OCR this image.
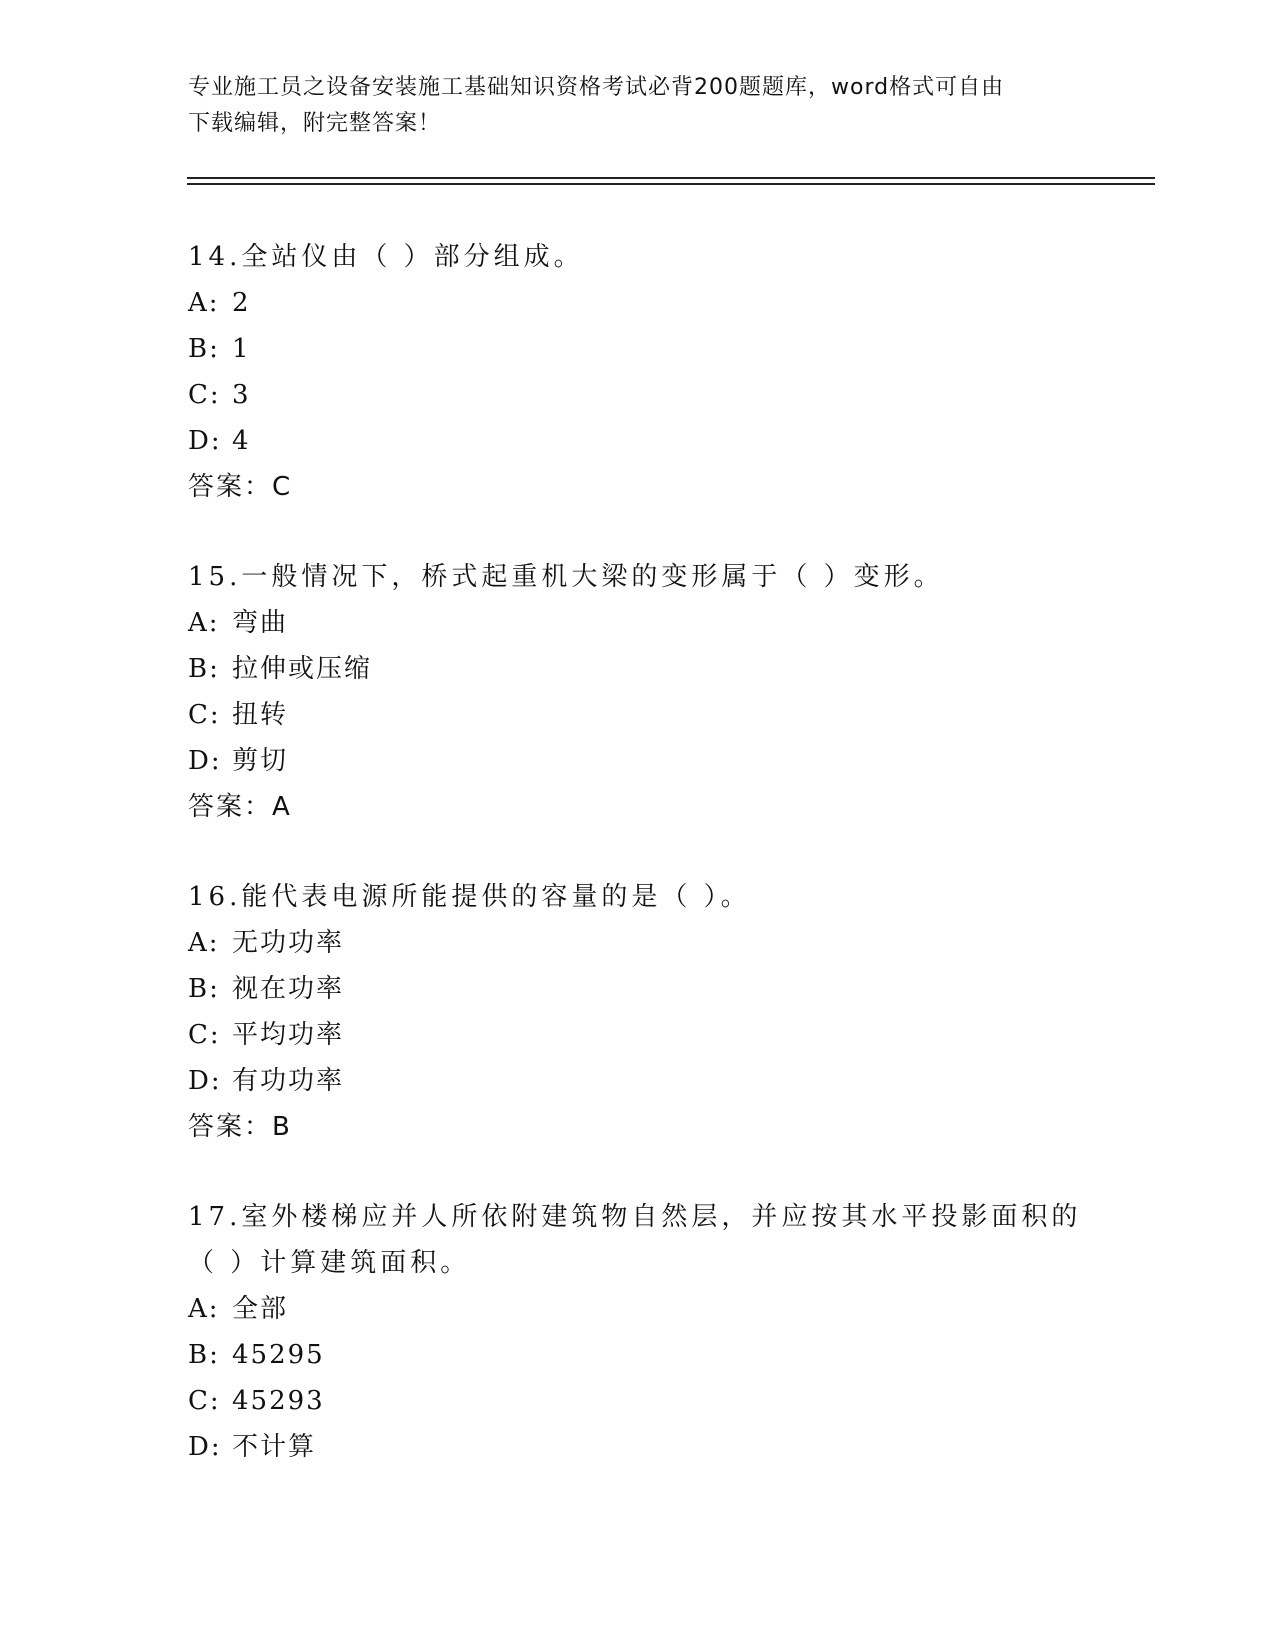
专业施工员之设备安装施工基础知识资格考试必背200题题库，word格式可自由
下载编辑，附完整答案！
14.全站仪由（ ）部分组成。
A: 2
B: 1
C: 3
D: 4
答案：C
15.一般情况下，桥式起重机大梁的变形属于（ ）变形。
A: 弯曲
B: 拉伸或压缩
C: 扭转
D: 剪切
答案：A
16.能代表电源所能提供的容量的是（ ）。
A: 无功功率
B: 视在功率
C: 平均功率
D: 有功功率
答案：B
17.室外楼梯应并人所依附建筑物自然层，并应按其水平投影面积的（ ）计算建筑面积。
A: 全部
B: 45295
C: 45293
D: 不计算
